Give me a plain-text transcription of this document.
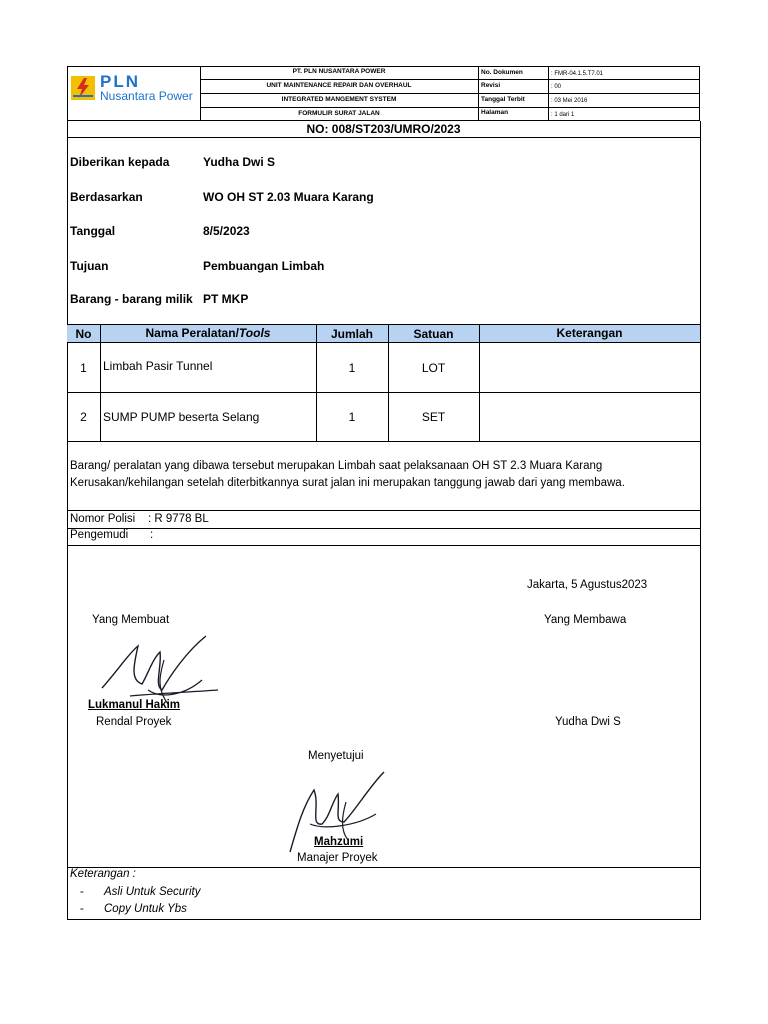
PLN
Nusantara Power
PT. PLN NUSANTARA POWER
UNIT MAINTENANCE REPAIR DAN OVERHAUL
INTEGRATED MANGEMENT SYSTEM
FORMULIR SURAT JALAN
No. Dokumen	: FMR-04.1.5.T7.01
Revisi	: 00
Tanggal Terbit	: 03 Mei 2016
Halaman	: 1 dari 1
NO: 008/ST203/UMRO/2023
Diberikan kepada	Yudha Dwi S
Berdasarkan	WO OH ST 2.03 Muara Karang
Tanggal	8/5/2023
Tujuan	Pembuangan Limbah
Barang - barang milik PT MKP
No	Nama Peralatan/Tools	Jumlah	Satuan	Keterangan
1	Limbah Pasir Tunnel	1	LOT
2	SUMP PUMP beserta Selang	1	SET
Barang/ peralatan yang dibawa tersebut merupakan Limbah saat pelaksanaan OH ST 2.3 Muara Karang
Kerusakan/kehilangan setelah diterbitkannya surat jalan ini merupakan tanggung jawab dari yang membawa.
Nomor Polisi : R 9778 BL
Pengemudi :
Jakarta, 5 Agustus2023
Yang Membuat	Yang Membawa
Lukmanul Hakim
Rendal Proyek	Yudha Dwi S
Menyetujui
Mahzumi
Manajer Proyek
Keterangan :
- Asli Untuk Security
- Copy Untuk Ybs
